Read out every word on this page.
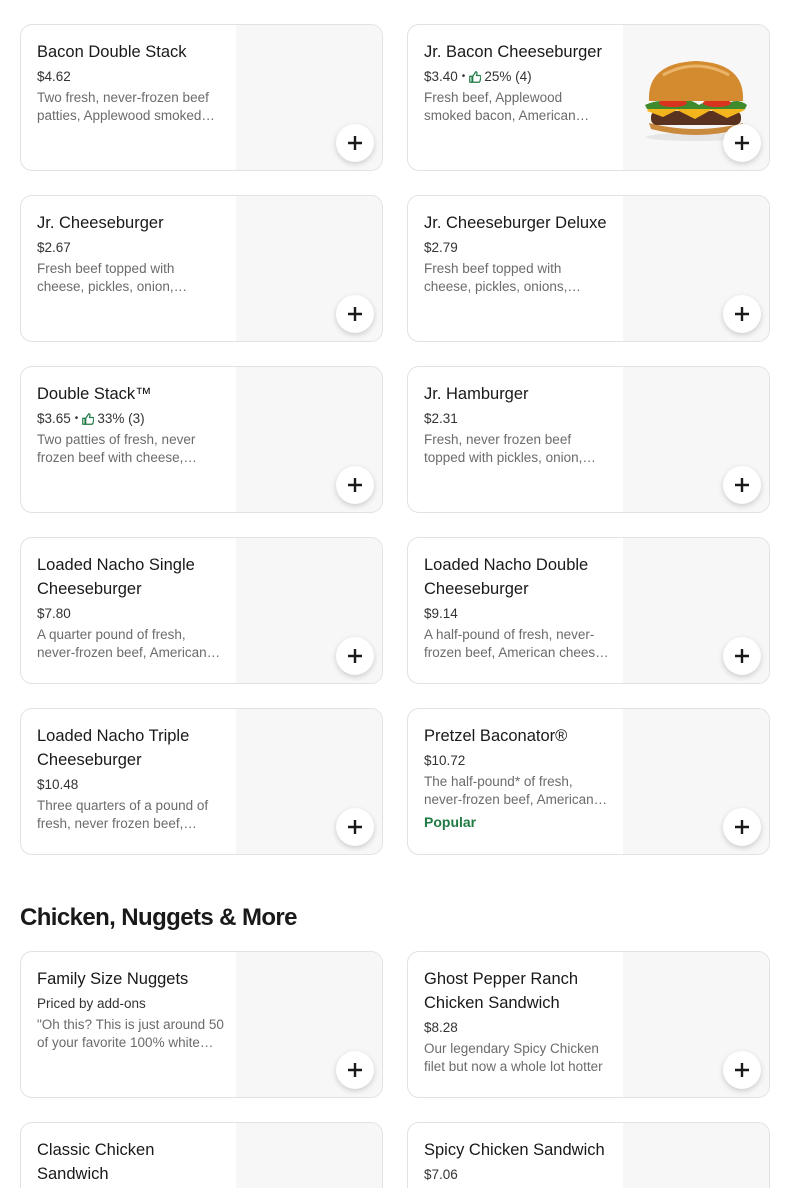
Bacon Double Stack
$4.62
Two fresh, never-frozen beef patties, Applewood smoked
Jr. Bacon Cheeseburger
$3.40 • 25% (4)
Fresh beef, Applewood smoked bacon, American
Jr. Cheeseburger
$2.67
Fresh beef topped with cheese, pickles, onion,
Jr. Cheeseburger Deluxe
$2.79
Fresh beef topped with cheese, pickles, onions,
Double Stack™
$3.65 • 33% (3)
Two patties of fresh, never frozen beef with cheese,
Jr. Hamburger
$2.31
Fresh, never frozen beef topped with pickles, onion,
Loaded Nacho Single Cheeseburger
$7.80
A quarter pound of fresh, never-frozen beef, American
Loaded Nacho Double Cheeseburger
$9.14
A half-pound of fresh, never-frozen beef, American cheese,
Loaded Nacho Triple Cheeseburger
$10.48
Three quarters of a pound of fresh, never frozen beef,
Pretzel Baconator®
$10.72
The half-pound* of fresh, never-frozen beef, American
Popular
Chicken, Nuggets & More
Family Size Nuggets
Priced by add-ons
"Oh this? This is just around 50 of your favorite 100% white
Ghost Pepper Ranch Chicken Sandwich
$8.28
Our legendary Spicy Chicken filet but now a whole lot hotter
Classic Chicken Sandwich
Spicy Chicken Sandwich
$7.06
